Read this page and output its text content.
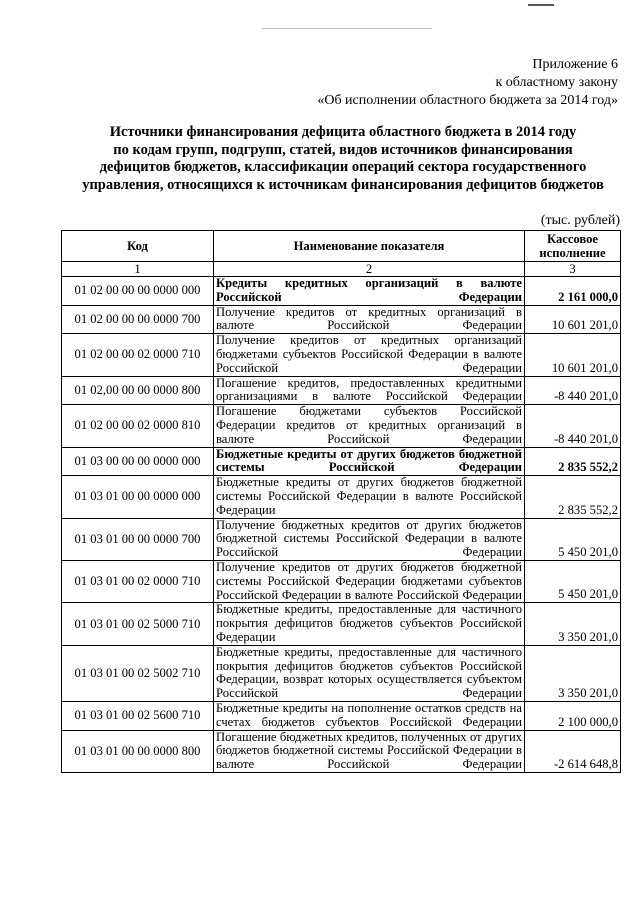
Приложение 6
к областному закону
«Об исполнении областного бюджета за 2014 год»
Источники финансирования дефицита областного бюджета в 2014 году
по кодам групп, подгрупп, статей, видов источников финансирования
дефицитов бюджетов, классификации операций сектора государственного
управления, относящихся к источникам финансирования дефицитов бюджетов
(тыс. рублей)
Код	Наименование показателя	Кассовое исполнение
1	2	3
01 02 00 00 00 0000 000	Кредиты кредитных организаций в валюте Российской Федерации	2 161 000,0
01 02 00 00 00 0000 700	Получение кредитов от кредитных организаций в валюте Российской Федерации	10 601 201,0
01 02 00 00 02 0000 710	Получение кредитов от кредитных организаций бюджетами субъектов Российской Федерации в валюте Российской Федерации	10 601 201,0
01 02,00 00 00 0000 800	Погашение кредитов, предоставленных кредитными организациями в валюте Российской Федерации	-8 440 201,0
01 02 00 00 02 0000 810	Погашение бюджетами субъектов Российской Федерации кредитов от кредитных организаций в валюте Российской Федерации	-8 440 201,0
01 03 00 00 00 0000 000	Бюджетные кредиты от других бюджетов бюджетной системы Российской Федерации	2 835 552,2
01 03 01 00 00 0000 000	Бюджетные кредиты от других бюджетов бюджетной системы Российской Федерации в валюте Российской Федерации	2 835 552,2
01 03 01 00 00 0000 700	Получение бюджетных кредитов от других бюджетов бюджетной системы Российской Федерации в валюте Российской Федерации	5 450 201,0
01 03 01 00 02 0000 710	Получение кредитов от других бюджетов бюджетной системы Российской Федерации бюджетами субъектов Российской Федерации в валюте Российской Федерации	5 450 201,0
01 03 01 00 02 5000 710	Бюджетные кредиты, предоставленные для частичного покрытия дефицитов бюджетов субъектов Российской Федерации	3 350 201,0
01 03 01 00 02 5002 710	Бюджетные кредиты, предоставленные для частичного покрытия дефицитов бюджетов субъектов Российской Федерации, возврат которых осуществляется субъектом Российской Федерации	3 350 201,0
01 03 01 00 02 5600 710	Бюджетные кредиты на пополнение остатков средств на счетах бюджетов субъектов Российской Федерации	2 100 000,0
01 03 01 00 00 0000 800	Погашение бюджетных кредитов, полученных от других бюджетов бюджетной системы Российской Федерации в валюте Российской Федерации	-2 614 648,8
